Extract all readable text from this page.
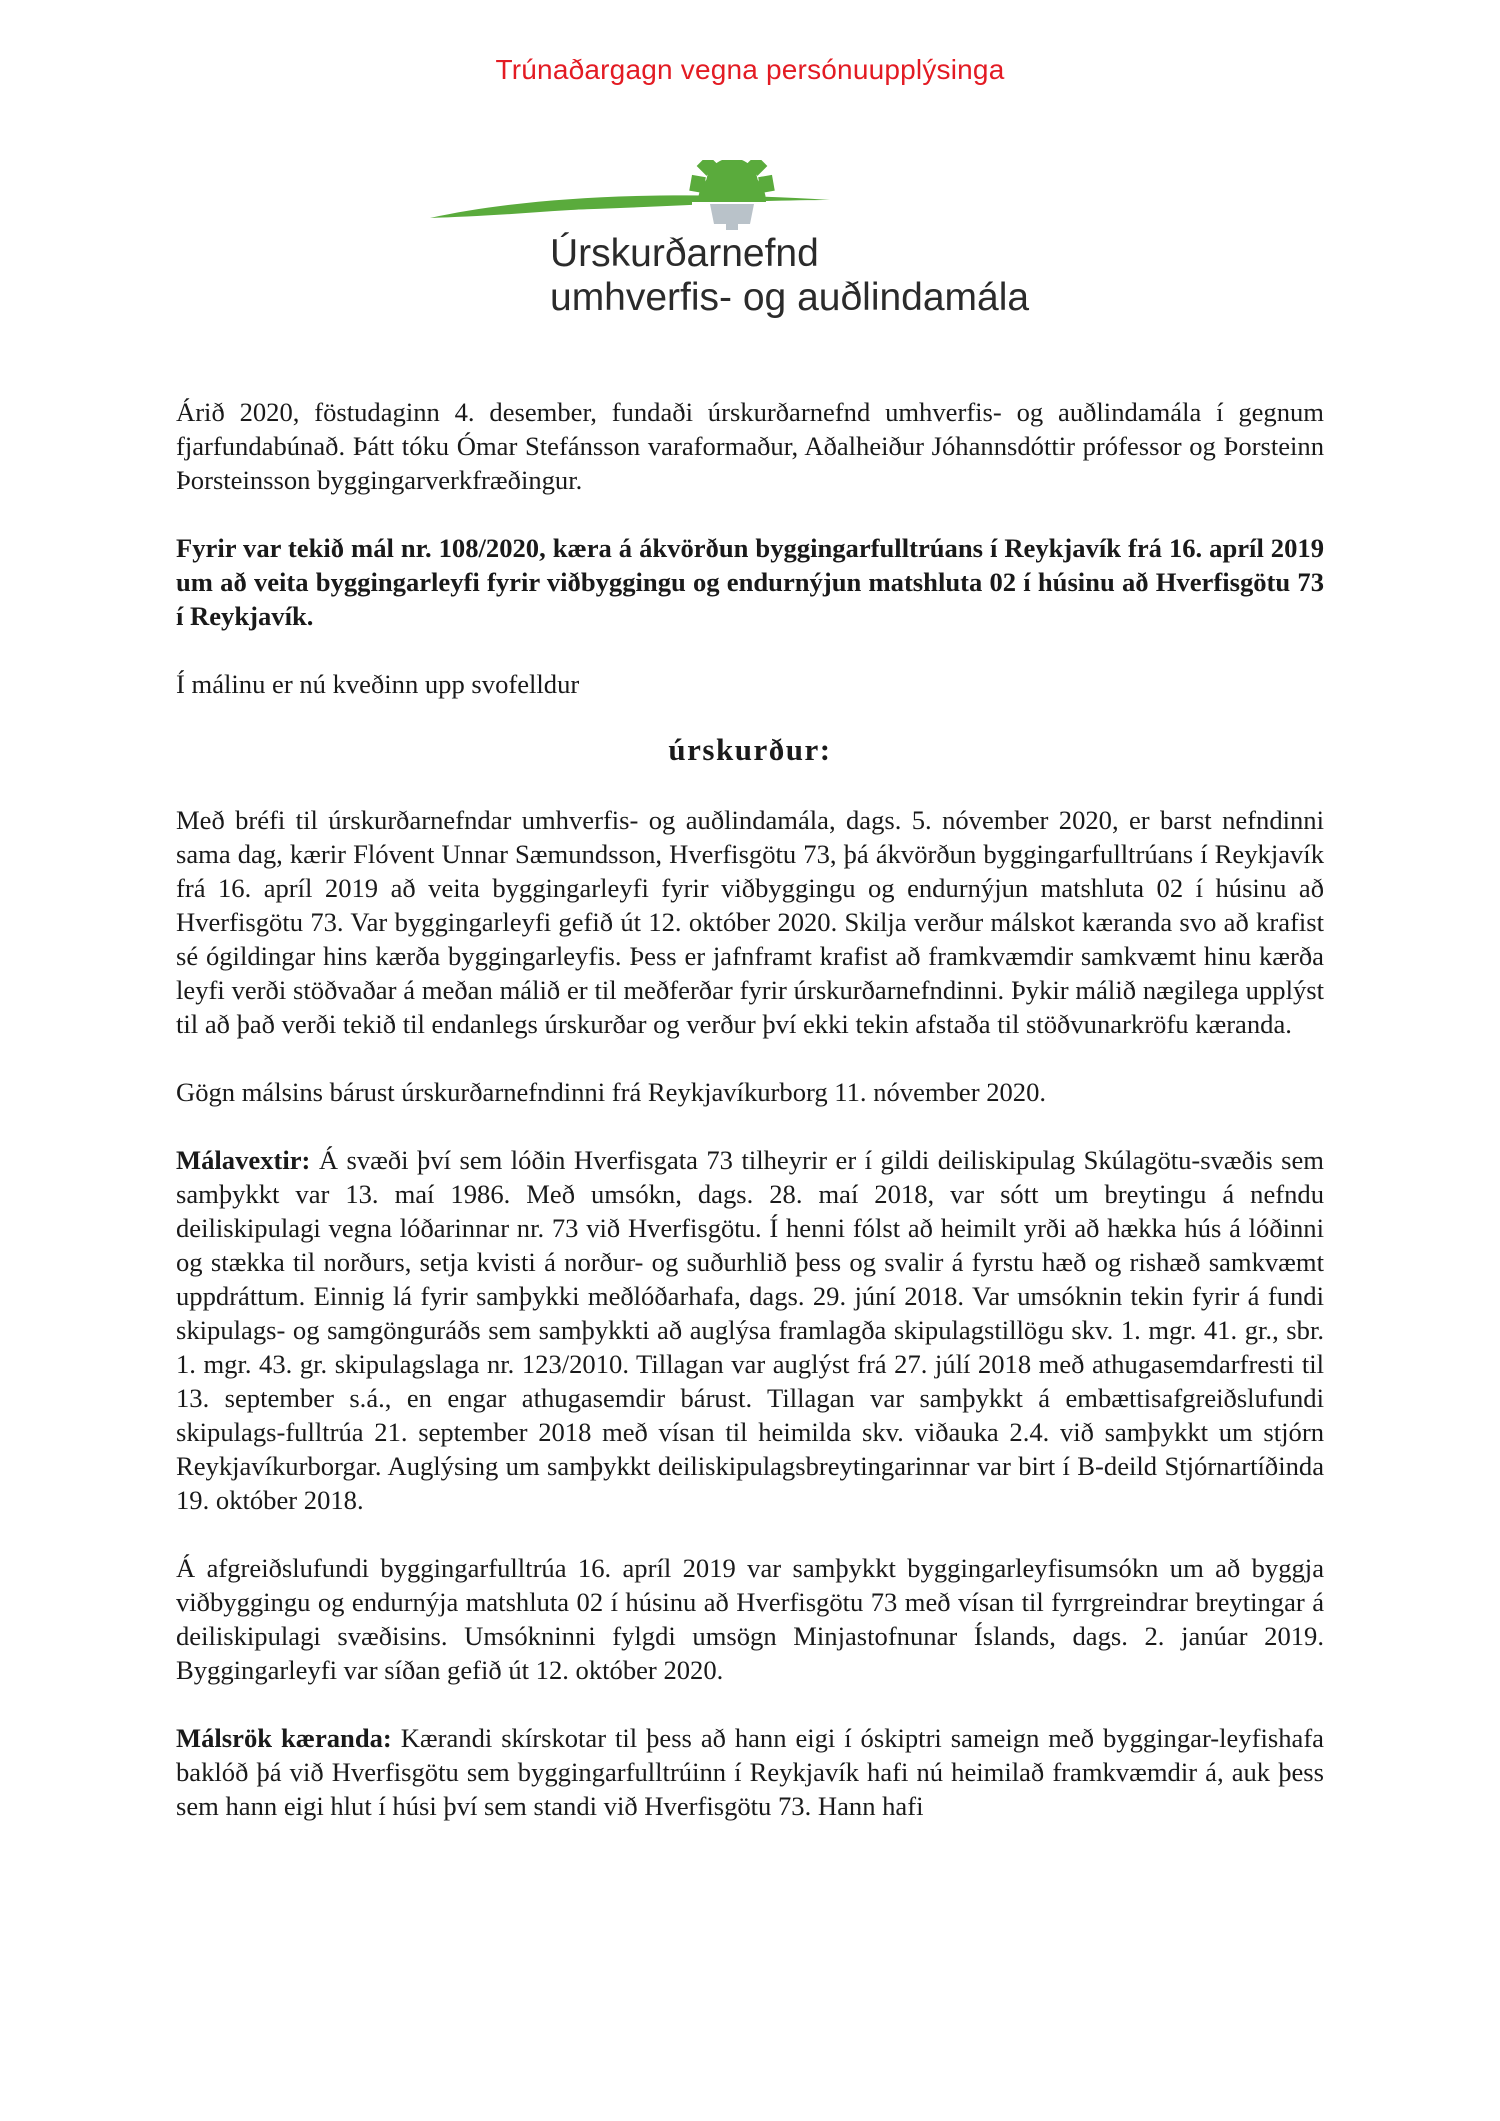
Trúnaðargagn vegna persónuupplýsinga
Úrskurðarnefnd
umhverfis- og auðlindamála

Árið 2020, föstudaginn 4. desember, fundaði úrskurðarnefnd umhverfis- og auðlindamála í gegnum fjarfundabúnað. Þátt tóku Ómar Stefánsson varaformaður, Aðalheiður Jóhannsdóttir prófessor og Þorsteinn Þorsteinsson byggingarverkfræðingur.

Fyrir var tekið mál nr. 108/2020, kæra á ákvörðun byggingarfulltrúans í Reykjavík frá 16. apríl 2019 um að veita byggingarleyfi fyrir viðbyggingu og endurnýjun matshluta 02 í húsinu að Hverfisgötu 73 í Reykjavík.

Í málinu er nú kveðinn upp svofelldur

úrskurður:

Með bréfi til úrskurðarnefndar umhverfis- og auðlindamála, dags. 5. nóvember 2020, er barst nefndinni sama dag, kærir Flóvent Unnar Sæmundsson, Hverfisgötu 73, þá ákvörðun byggingarfulltrúans í Reykjavík frá 16. apríl 2019 að veita byggingarleyfi fyrir viðbyggingu og endurnýjun matshluta 02 í húsinu að Hverfisgötu 73. Var byggingarleyfi gefið út 12. október 2020. Skilja verður málskot kæranda svo að krafist sé ógildingar hins kærða byggingarleyfis. Þess er jafnframt krafist að framkvæmdir samkvæmt hinu kærða leyfi verði stöðvaðar á meðan málið er til meðferðar fyrir úrskurðarnefndinni. Þykir málið nægilega upplýst til að það verði tekið til endanlegs úrskurðar og verður því ekki tekin afstaða til stöðvunarkröfu kæranda.

Gögn málsins bárust úrskurðarnefndinni frá Reykjavíkurborg 11. nóvember 2020.

Málavextir: Á svæði því sem lóðin Hverfisgata 73 tilheyrir er í gildi deiliskipulag Skúlagötu-svæðis sem samþykkt var 13. maí 1986. Með umsókn, dags. 28. maí 2018, var sótt um breytingu á nefndu deiliskipulagi vegna lóðarinnar nr. 73 við Hverfisgötu. Í henni fólst að heimilt yrði að hækka hús á lóðinni og stækka til norðurs, setja kvisti á norður- og suðurhlið þess og svalir á fyrstu hæð og rishæð samkvæmt uppdráttum. Einnig lá fyrir samþykki meðlóðarhafa, dags. 29. júní 2018. Var umsóknin tekin fyrir á fundi skipulags- og samgönguráðs sem samþykkti að auglýsa framlagða skipulagstillögu skv. 1. mgr. 41. gr., sbr. 1. mgr. 43. gr. skipulagslaga nr. 123/2010. Tillagan var auglýst frá 27. júlí 2018 með athugasemdarfresti til 13. september s.á., en engar athugasemdir bárust. Tillagan var samþykkt á embættisafgreiðslufundi skipulags-fulltrúa 21. september 2018 með vísan til heimilda skv. viðauka 2.4. við samþykkt um stjórn Reykjavíkurborgar. Auglýsing um samþykkt deiliskipulagsbreytingarinnar var birt í B-deild Stjórnartíðinda 19. október 2018.

Á afgreiðslufundi byggingarfulltrúa 16. apríl 2019 var samþykkt byggingarleyfisumsókn um að byggja viðbyggingu og endurnýja matshluta 02 í húsinu að Hverfisgötu 73 með vísan til fyrrgreindrar breytingar á deiliskipulagi svæðisins. Umsókninni fylgdi umsögn Minjastofnunar Íslands, dags. 2. janúar 2019. Byggingarleyfi var síðan gefið út 12. október 2020.

Málsrök kæranda: Kærandi skírskotar til þess að hann eigi í óskiptri sameign með byggingar-leyfishafa baklóð þá við Hverfisgötu sem byggingarfulltrúinn í Reykjavík hafi nú heimilað framkvæmdir á, auk þess sem hann eigi hlut í húsi því sem standi við Hverfisgötu 73. Hann hafi
